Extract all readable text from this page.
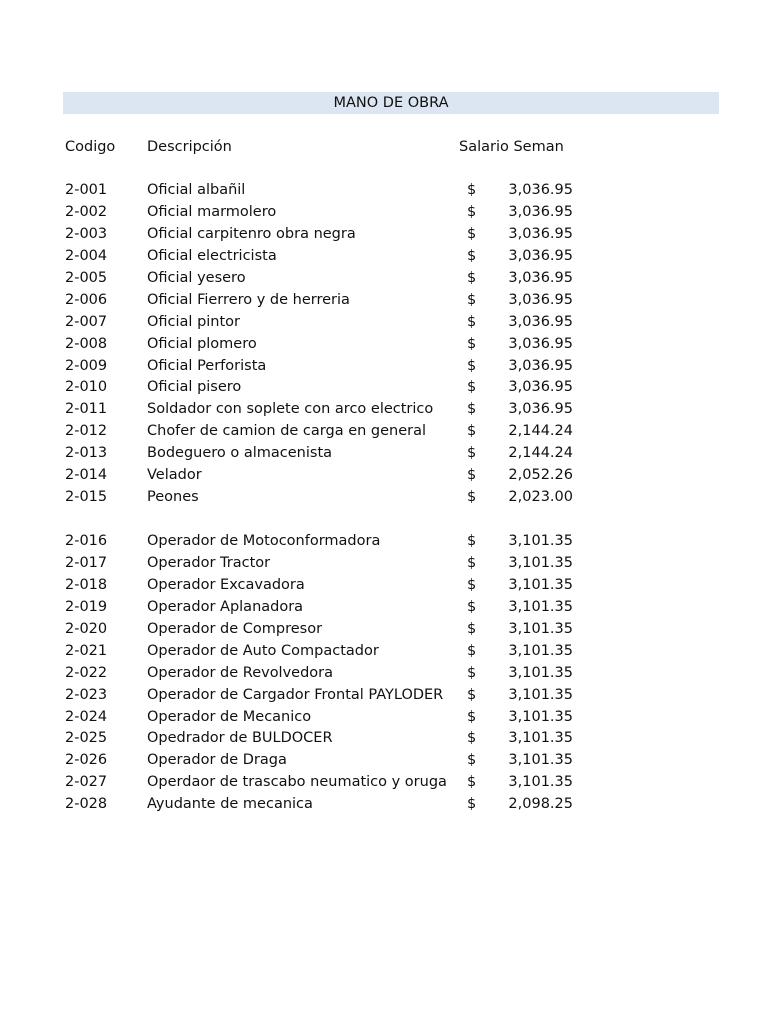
MANO DE OBRA
Codigo Descripción	Salario Seman
2-001	Oficial albañil	$	3,036.95
2-002	Oficial marmolero	$	3,036.95
2-003	Oficial carpitenro obra negra	$	3,036.95
2-004	Oficial electricista	$	3,036.95
2-005	Oficial yesero	$	3,036.95
2-006	Oficial Fierrero y de herreria	$	3,036.95
2-007	Oficial pintor	$	3,036.95
2-008	Oficial plomero	$	3,036.95
2-009	Oficial Perforista	$	3,036.95
2-010	Oficial pisero	$	3,036.95
2-011	Soldador con soplete con arco electrico $	3,036.95
2-012	Chofer de camion de carga en general	$	2,144.24
2-013	Bodeguero o almacenista	$	2,144.24
2-014	Velador	$	2,052.26
2-015	Peones	$	2,023.00
2-016	Operador de Motoconformadora	$	3,101.35
2-017	Operador Tractor	$	3,101.35
2-018	Operador Excavadora	$	3,101.35
2-019	Operador Aplanadora	$	3,101.35
2-020	Operador de Compresor	$	3,101.35
2-021	Operador de Auto Compactador	$	3,101.35
2-022	Operador de Revolvedora	$	3,101.35
2-023	Operador de Cargador Frontal PAYLODER $	3,101.35
2-024	Operador de Mecanico	$	3,101.35
2-025	Opedrador de BULDOCER	$	3,101.35
2-026	Operador de Draga	$	3,101.35
2-027	Operdaor de trascabo neumatico y oruga $	3,101.35
2-028	Ayudante de mecanica	$	2,098.25
